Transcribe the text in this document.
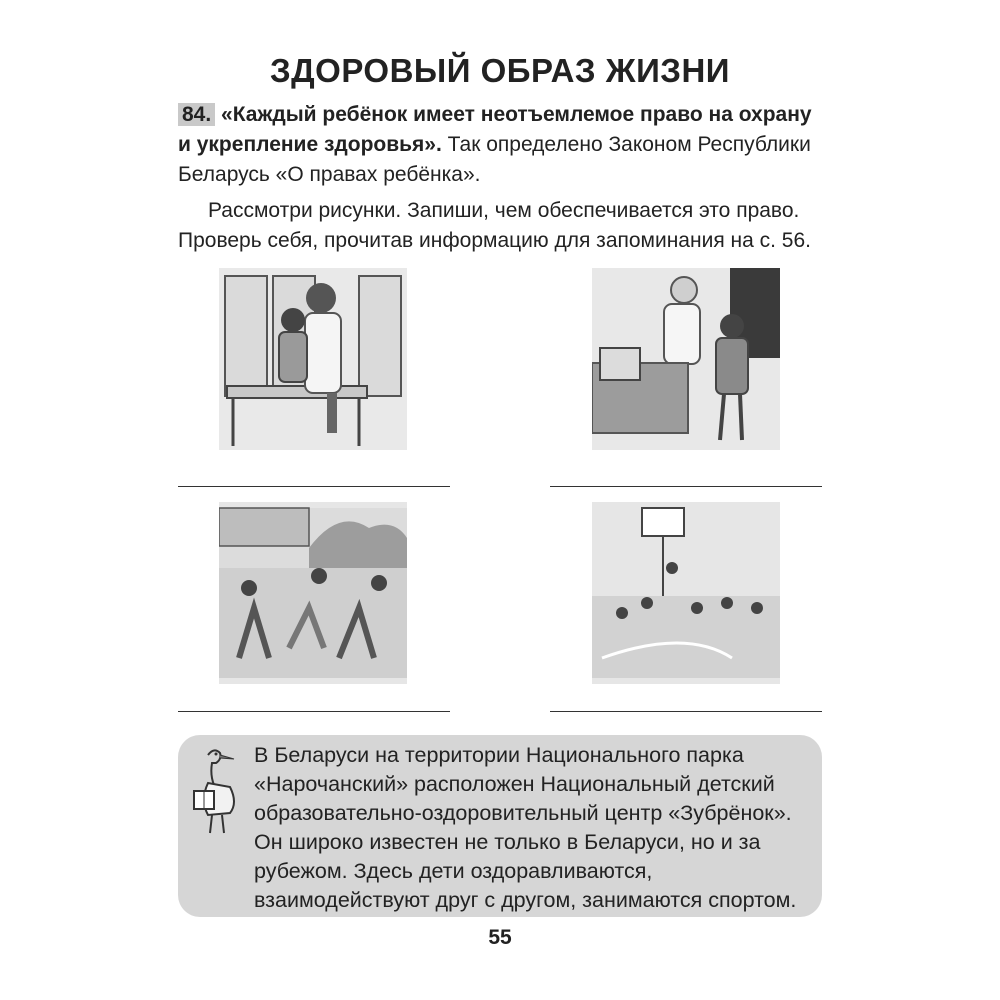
ЗДОРОВЫЙ ОБРАЗ ЖИЗНИ
84. «Каждый ребёнок имеет неотъемлемое право на охрану и укрепление здоровья». Так определено Законом Республики Беларусь «О правах ребёнка».
Рассмотри рисунки. Запиши, чем обеспечивается это право. Проверь себя, прочитав информацию для запоминания на с. 56.
В Беларуси на территории Национального парка «Нарочанский» расположен Национальный детский образовательно-оздоровительный центр «Зубрёнок». Он широко известен не только в Беларуси, но и за рубежом. Здесь дети оздоравливаются, взаимодействуют друг с другом, занимаются спортом.
55
